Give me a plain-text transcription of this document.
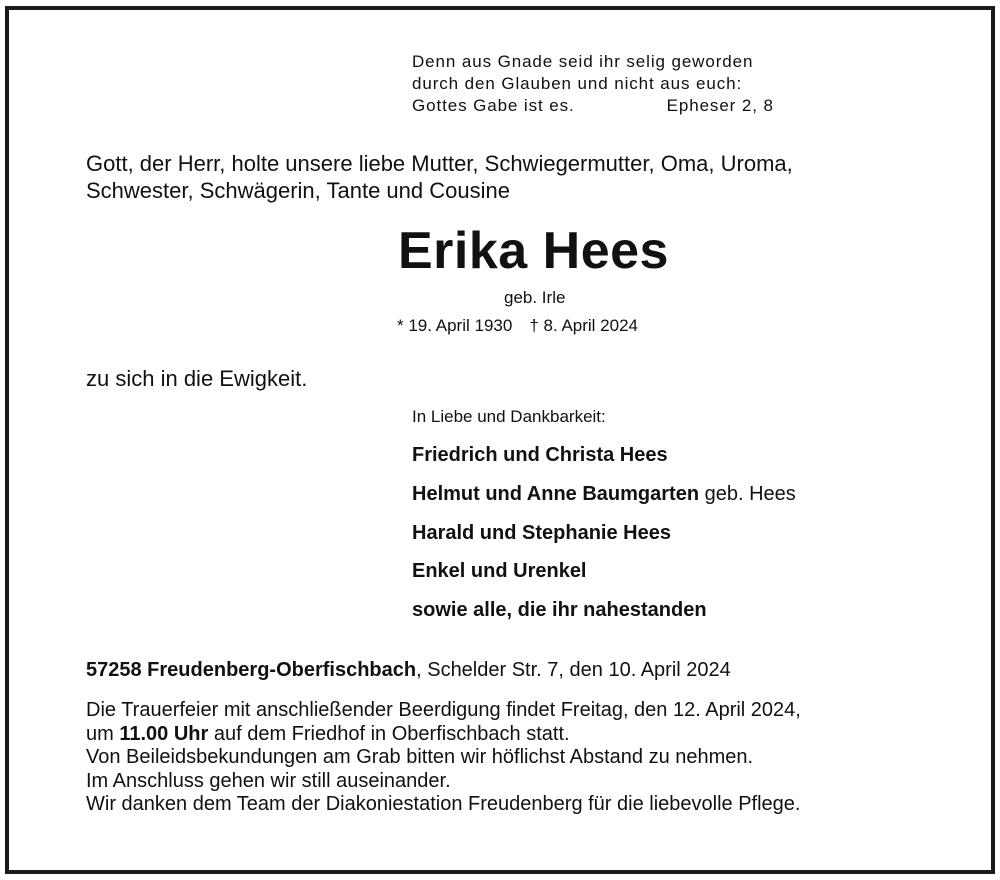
Denn aus Gnade seid ihr selig geworden
durch den Glauben und nicht aus euch:
Gottes Gabe ist es.	Epheser 2, 8
Gott, der Herr, holte unsere liebe Mutter, Schwiegermutter, Oma, Uroma,
Schwester, Schwägerin, Tante und Cousine
Erika Hees
geb. Irle
* 19. April 1930 † 8. April 2024
zu sich in die Ewigkeit.
In Liebe und Dankbarkeit:
Friedrich und Christa Hees
Helmut und Anne Baumgarten geb. Hees
Harald und Stephanie Hees
Enkel und Urenkel
sowie alle, die ihr nahestanden
57258 Freudenberg-Oberfischbach, Schelder Str. 7, den 10. April 2024
Die Trauerfeier mit anschließender Beerdigung findet Freitag, den 12. April 2024,
um 11.00 Uhr auf dem Friedhof in Oberfischbach statt.
Von Beileidsbekundungen am Grab bitten wir höflichst Abstand zu nehmen.
Im Anschluss gehen wir still auseinander.
Wir danken dem Team der Diakoniestation Freudenberg für die liebevolle Pflege.
